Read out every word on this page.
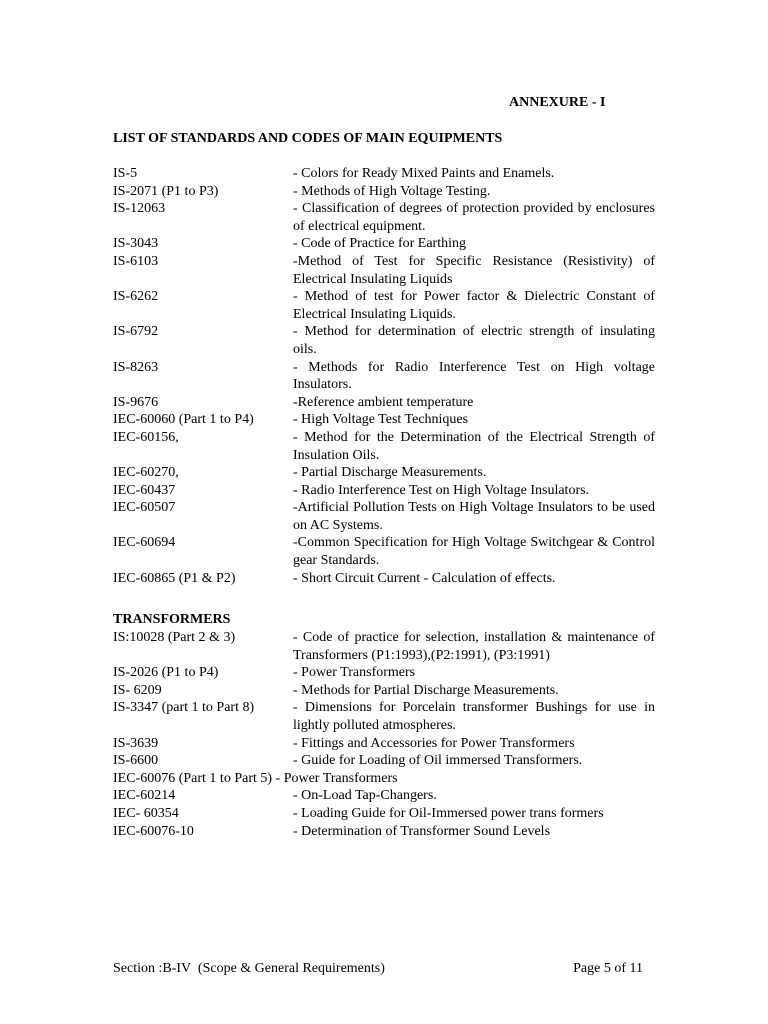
ANNEXURE - I
LIST OF STANDARDS AND CODES OF MAIN EQUIPMENTS
IS-5	- Colors for Ready Mixed Paints and Enamels.
IS-2071 (P1 to P3)	- Methods of High Voltage Testing.
IS-12063	- Classification of degrees of protection provided by enclosures of electrical equipment.
IS-3043	- Code of Practice for Earthing
IS-6103	-Method of Test for Specific Resistance (Resistivity) of Electrical Insulating Liquids
IS-6262	- Method of test for Power factor & Dielectric Constant of Electrical Insulating Liquids.
IS-6792	- Method for determination of electric strength of insulating oils.
IS-8263	- Methods for Radio Interference Test on High voltage Insulators.
IS-9676	-Reference ambient temperature
IEC-60060 (Part 1 to P4)	- High Voltage Test Techniques
IEC-60156,	- Method for the Determination of the Electrical Strength of Insulation Oils.
IEC-60270,	- Partial Discharge Measurements.
IEC-60437	- Radio Interference Test on High Voltage Insulators.
IEC-60507	-Artificial Pollution Tests on High Voltage Insulators to be used on AC Systems.
IEC-60694	-Common Specification for High Voltage Switchgear & Control gear Standards.
IEC-60865 (P1 & P2)	- Short Circuit Current - Calculation of effects.
TRANSFORMERS
IS:10028 (Part 2 & 3)	- Code of practice for selection, installation & maintenance of Transformers (P1:1993),(P2:1991), (P3:1991)
IS-2026 (P1 to P4)	- Power Transformers
IS- 6209	- Methods for Partial Discharge Measurements.
IS-3347 (part 1 to Part 8)	- Dimensions for Porcelain transformer Bushings for use in lightly polluted atmospheres.
IS-3639	- Fittings and Accessories for Power Transformers
IS-6600	- Guide for Loading of Oil immersed Transformers.
IEC-60076 (Part 1 to Part 5) - Power Transformers
IEC-60214	- On-Load Tap-Changers.
IEC- 60354	- Loading Guide for Oil-Immersed power trans formers
IEC-60076-10	- Determination of Transformer Sound Levels
Section :B-IV  (Scope & General Requirements)	Page 5 of 11
